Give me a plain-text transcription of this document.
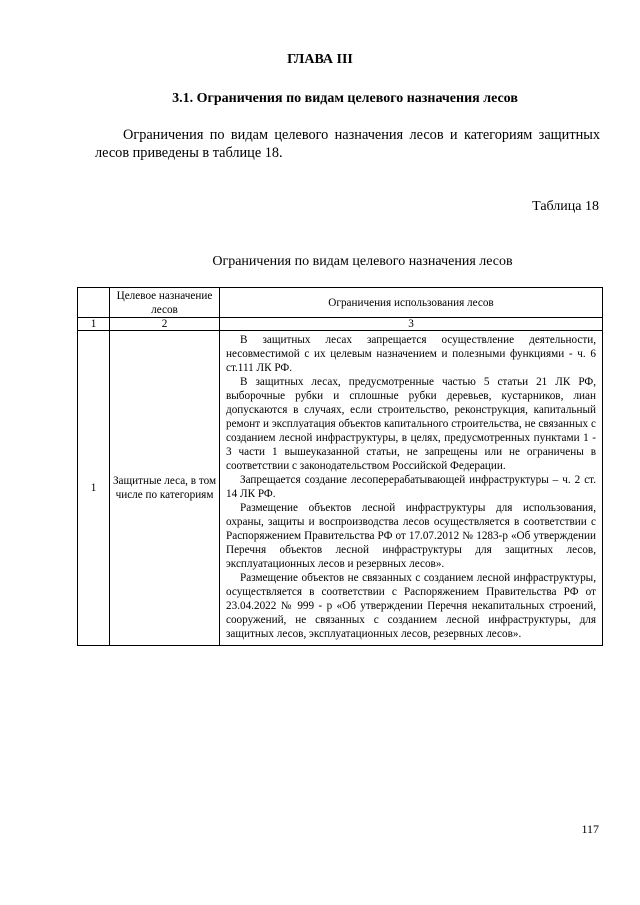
ГЛАВА III
3.1. Ограничения по видам целевого назначения лесов

Ограничения по видам целевого назначения лесов и категориям защитных лесов приведены в таблице 18.

Таблица 18
Ограничения по видам целевого назначения лесов
	Целевое назначение лесов	Ограничения использования лесов
1	2	3
1	Защитные леса, в том числе по категориям	В защитных лесах запрещается осуществление деятельности, несовместимой с их целевым назначением и полезными функциями - ч. 6 ст.111 ЛК РФ.

В защитных лесах, предусмотренные частью 5 статьи 21 ЛК РФ, выборочные рубки и сплошные рубки деревьев, кустарников, лиан допускаются в случаях, если строительство, реконструкция, капитальный ремонт и эксплуатация объектов капитального строительства, не связанных с созданием лесной инфраструктуры, в целях, предусмотренных пунктами 1 - 3 части 1 вышеуказанной статьи, не запрещены или не ограничены в соответствии с законодательством Российской Федерации.

Запрещается создание лесоперерабатывающей инфраструктуры – ч. 2 ст. 14 ЛК РФ.

Размещение объектов лесной инфраструктуры для использования, охраны, защиты и воспроизводства лесов осуществляется в соответствии с Распоряжением Правительства РФ от 17.07.2012 № 1283-р «Об утверждении Перечня объектов лесной инфраструктуры для защитных лесов, эксплуатационных лесов и резервных лесов».

Размещение объектов не связанных с созданием лесной инфраструктуры, осуществляется в соответствии с Распоряжением Правительства РФ от 23.04.2022 № 999 - р «Об утверждении Перечня некапитальных строений, сооружений, не связанных с созданием лесной инфраструктуры, для защитных лесов, эксплуатационных лесов, резервных лесов».

117
